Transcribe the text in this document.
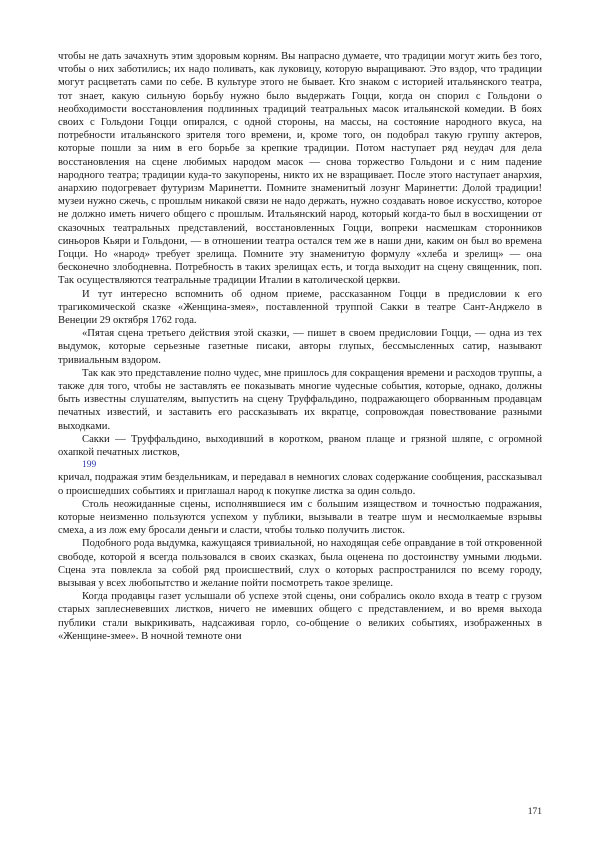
чтобы не дать зачахнуть этим здоровым корням. Вы напрасно думаете, что традиции могут жить без того, чтобы о них заботились; их надо поливать, как луковицу, которую выращивают. Это вздор, что традиции могут расцветать сами по себе. В культуре этого не бывает. Кто знаком с историей итальянского театра, тот знает, какую сильную борьбу нужно было выдержать Гоцци, когда он спорил с Гольдони о необходимости восстановления подлинных традиций театральных масок итальянской комедии. В боях своих с Гольдони Гоцци опирался, с одной стороны, на массы, на состояние народного вкуса, на потребности итальянского зрителя того времени, и, кроме того, он подобрал такую группу актеров, которые пошли за ним в его борьбе за крепкие традиции. Потом наступает ряд неудач для дела восстановления на сцене любимых народом масок — снова торжество Гольдони и с ним падение народного театра; традиции куда-то закупорены, никто их не взращивает. После этого наступает анархия, анархию подогревает футуризм Маринетти. Помните знаменитый лозунг Маринетти: Долой традиции! музеи нужно сжечь, с прошлым никакой связи не надо держать, нужно создавать новое искусство, которое не должно иметь ничего общего с прошлым. Итальянский народ, который когда-то был в восхищении от сказочных театральных представлений, восстановленных Гоцци, вопреки насмешкам сторонников синьоров Кьяри и Гольдони, — в отношении театра остался тем же в наши дни, каким он был во времена Гоцци. Но «народ» требует зрелища. Помните эту знаменитую формулу «хлеба и зрелищ» — она бесконечно злободневна. Потребность в таких зрелищах есть, и тогда выходит на сцену священник, поп. Так осуществляются театральные традиции Италии в католической церкви.

И тут интересно вспомнить об одном приеме, рассказанном Гоцци в предисловии к его трагикомической сказке «Женщина-змея», поставленной труппой Сакки в театре Сант-Анджело в Венеции 29 октября 1762 года.

«Пятая сцена третьего действия этой сказки, — пишет в своем предисловии Гоцци, — одна из тех выдумок, которые серьезные газетные писаки, авторы глупых, бессмысленных сатир, называют тривиальным вздором.

Так как это представление полно чудес, мне пришлось для сокращения времени и расходов труппы, а также для того, чтобы не заставлять ее показывать многие чудесные события, которые, однако, должны быть известны слушателям, выпустить на сцену Труффальдино, подражающего оборванным продавцам печатных известий, и заставить его рассказывать их вкратце, сопровождая повествование разными выходками.

Сакки — Труффальдино, выходивший в коротком, рваном плаще и грязной шляпе, с огромной охапкой печатных листков,

199

кричал, подражая этим бездельникам, и передавал в немногих словах содержание сообщения, рассказывал о происшедших событиях и приглашал народ к покупке листка за один сольдо.

Столь неожиданные сцены, исполнявшиеся им с большим изяществом и точностью подражания, которые неизменно пользуются успехом у публики, вызывали в театре шум и несмолкаемые взрывы смеха, а из лож ему бросали деньги и сласти, чтобы только получить листок.

Подобного рода выдумка, кажущаяся тривиальной, но находящая себе оправдание в той откровенной свободе, которой я всегда пользовался в своих сказках, была оценена по достоинству умными людьми. Сцена эта повлекла за собой ряд происшествий, слух о которых распространился по всему городу, вызывая у всех любопытство и желание пойти посмотреть такое зрелище.

Когда продавцы газет услышали об успехе этой сцены, они собрались около входа в театр с грузом старых заплесневевших листков, ничего не имевших общего с представлением, и во время выхода публики стали выкрикивать, надсаживая горло, со-общение о великих событиях, изображенных в «Женщине-змее». В ночной темноте они

171
